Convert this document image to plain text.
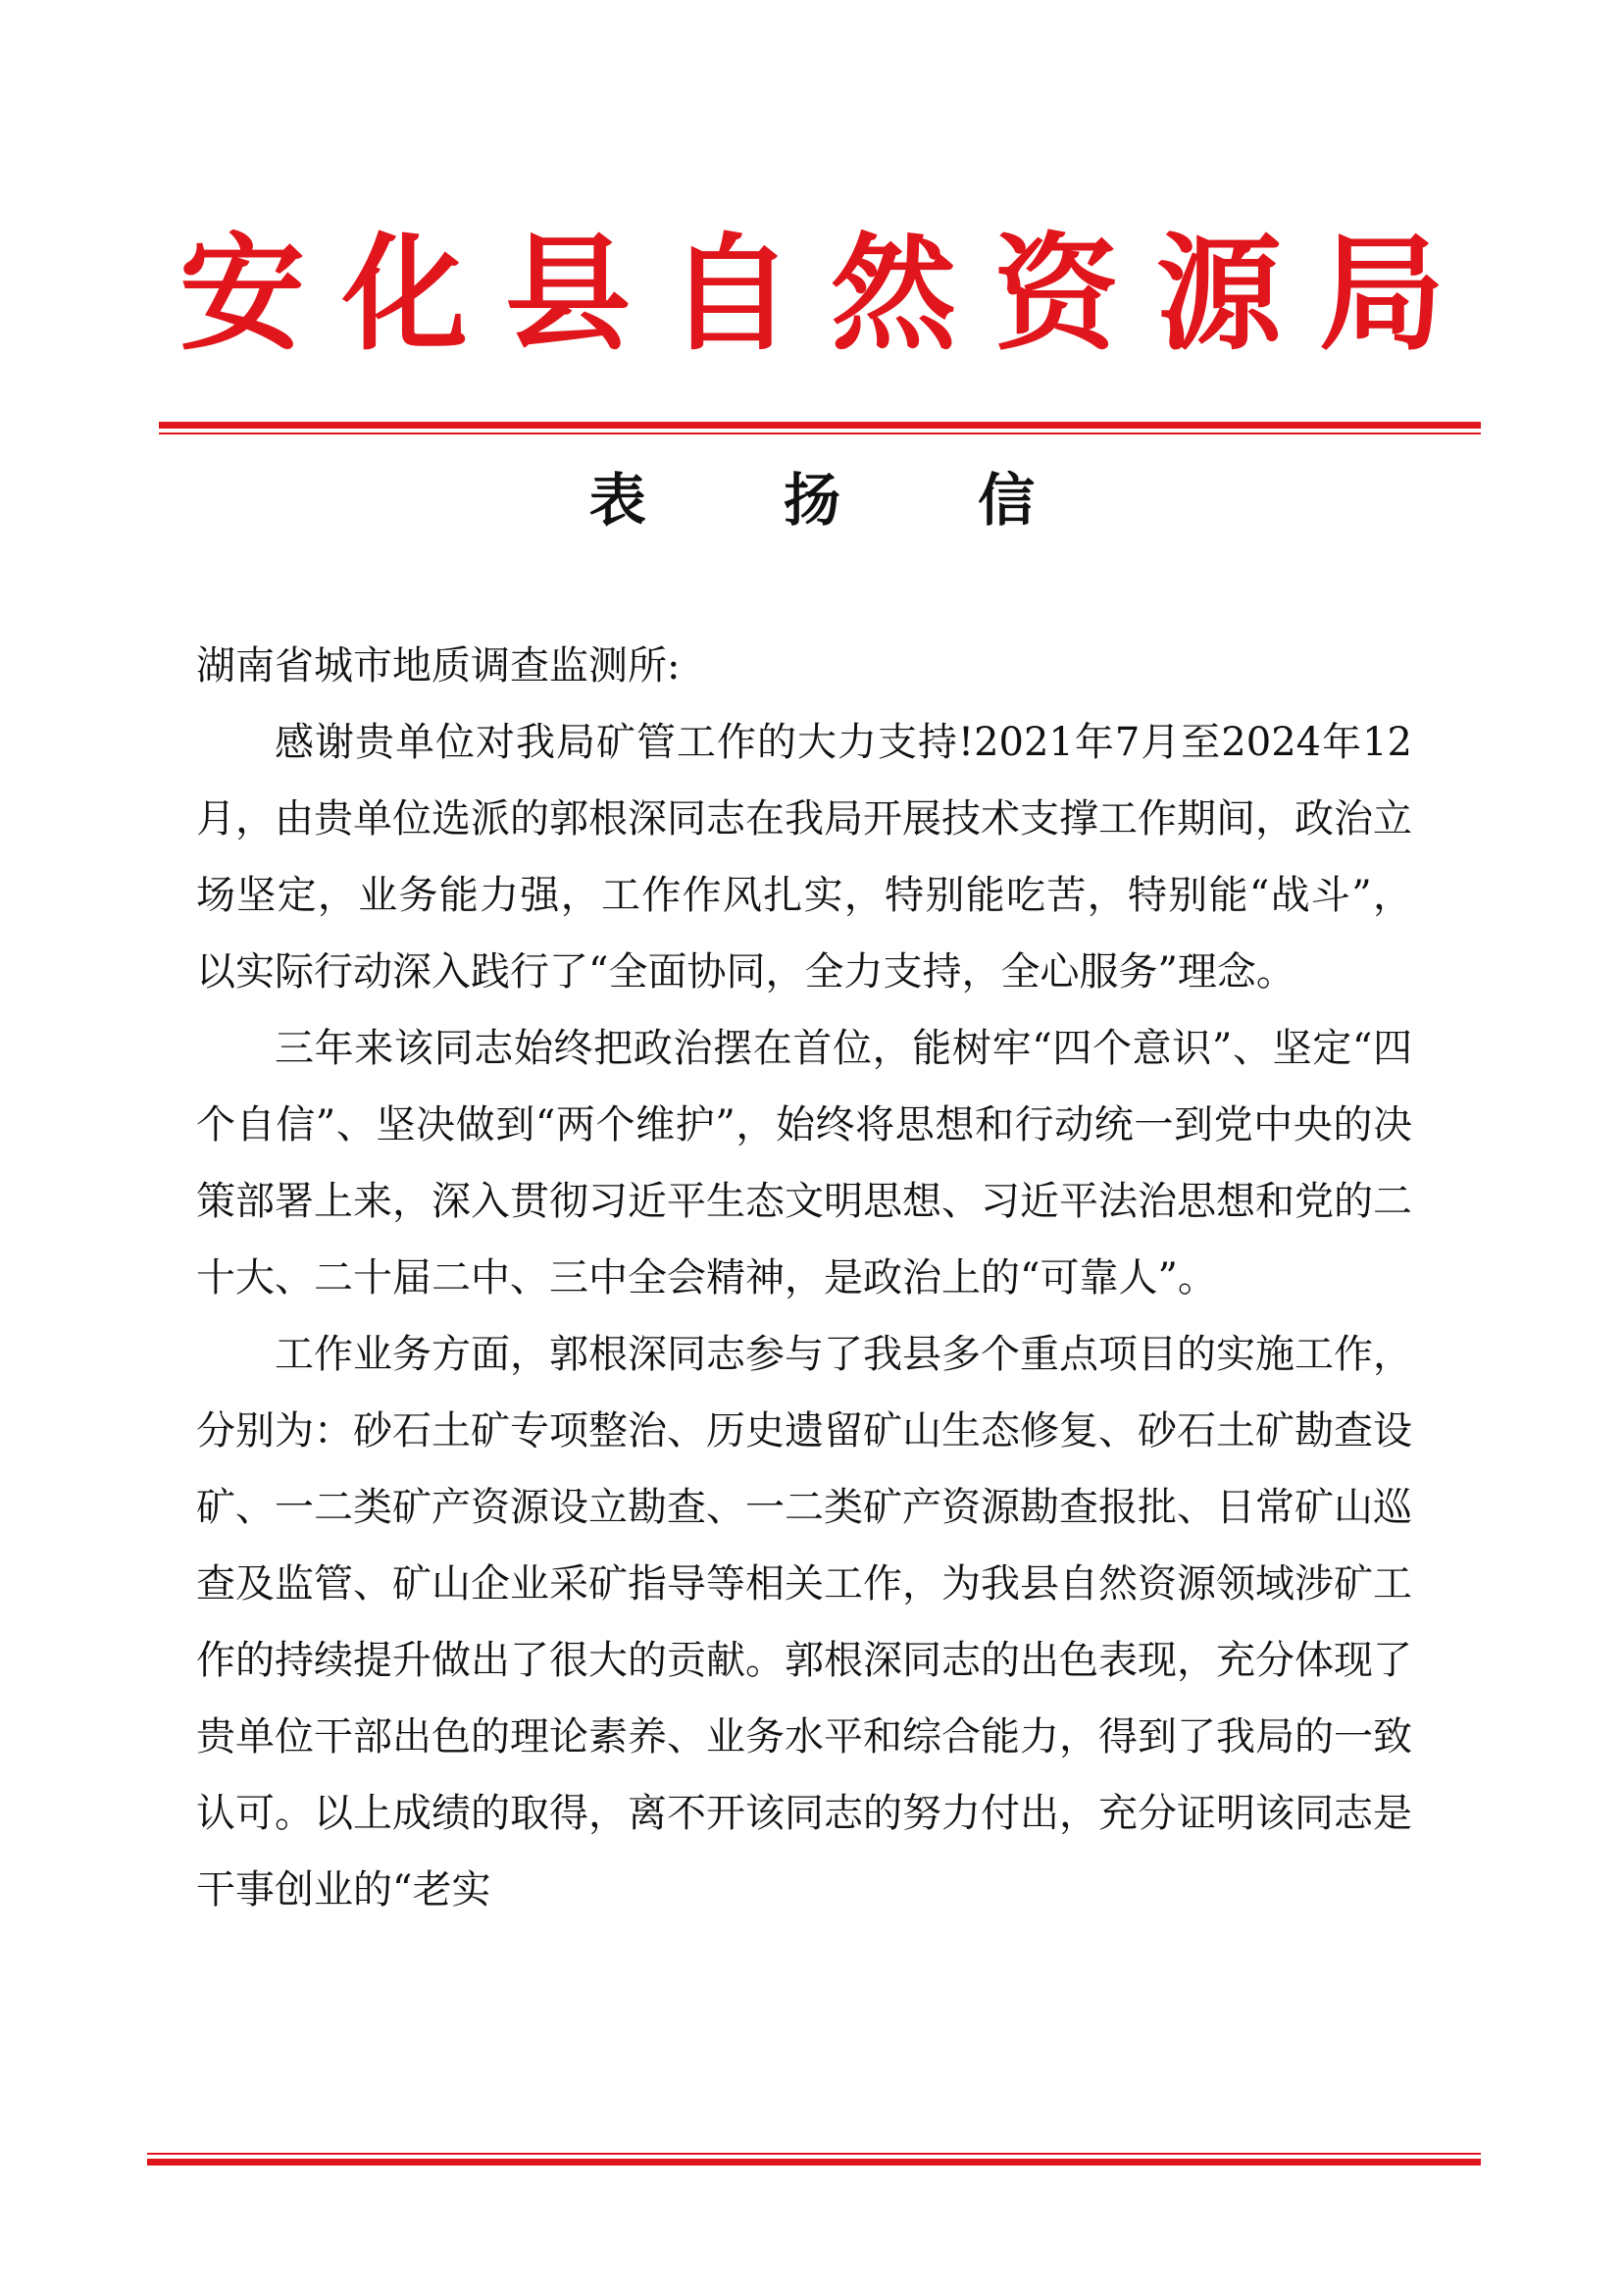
安化县自然资源局
表 扬 信

湖南省城市地质调查监测所:

感谢贵单位对我局矿管工作的大力支持!2021年7月至2024年12月，由贵单位选派的郭根深同志在我局开展技术支撑工作期间，政治立场坚定，业务能力强，工作作风扎实，特别能吃苦，特别能“战斗”，以实际行动深入践行了“全面协同，全力支持，全心服务”理念。

三年来该同志始终把政治摆在首位，能树牢“四个意识”、坚定“四个自信”、坚决做到“两个维护”，始终将思想和行动统一到党中央的决策部署上来，深入贯彻习近平生态文明思想、习近平法治思想和党的二十大、二十届二中、三中全会精神，是政治上的“可靠人”。

工作业务方面，郭根深同志参与了我县多个重点项目的实施工作，分别为：砂石土矿专项整治、历史遗留矿山生态修复、砂石土矿勘查设矿、一二类矿产资源设立勘查、一二类矿产资源勘查报批、日常矿山巡查及监管、矿山企业采矿指导等相关工作，为我县自然资源领域涉矿工作的持续提升做出了很大的贡献。郭根深同志的出色表现，充分体现了贵单位干部出色的理论素养、业务水平和综合能力，得到了我局的一致认可。以上成绩的取得，离不开该同志的努力付出，充分证明该同志是干事创业的“老实
